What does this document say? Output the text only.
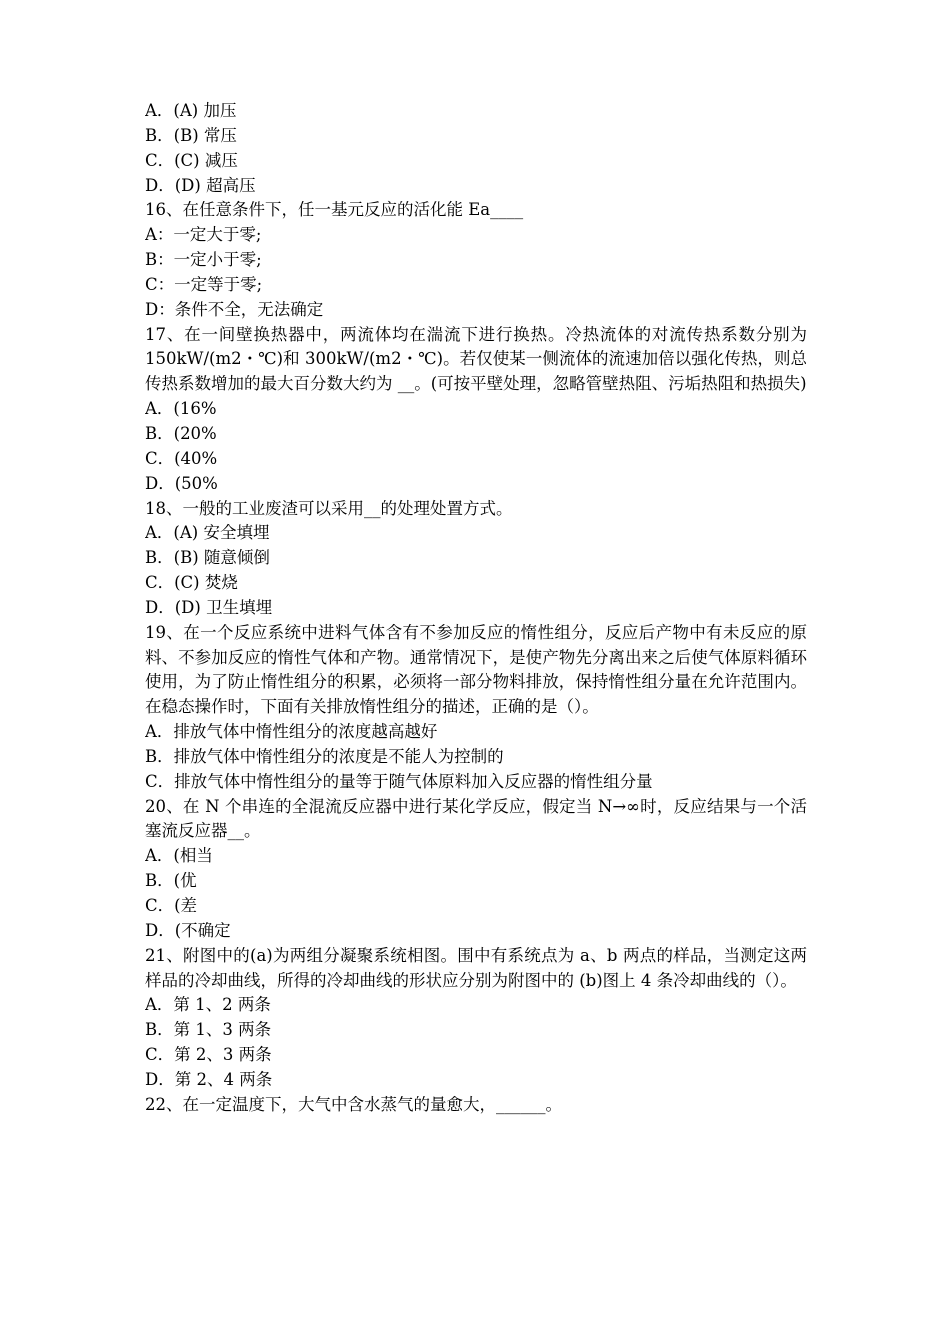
A．(A) 加压
B．(B) 常压
C．(C) 减压
D．(D) 超高压
16、在任意条件下，任一基元反应的活化能 Ea____
A：一定大于零;
B：一定小于零;
C：一定等于零;
D：条件不全，无法确定
17、在一间壁换热器中，两流体均在湍流下进行换热。冷热流体的对流传热系数分别为 150kW/(m2・℃)和 300kW/(m2・℃)。若仅使某一侧流体的流速加倍以强化传热，则总传热系数增加的最大百分数大约为 __。(可按平壁处理，忽略管壁热阻、污垢热阻和热损失)
A．(16%
B．(20%
C．(40%
D．(50%
18、一般的工业废渣可以采用__的处理处置方式。
A．(A) 安全填埋
B．(B) 随意倾倒
C．(C) 焚烧
D．(D) 卫生填埋
19、在一个反应系统中进料气体含有不参加反应的惰性组分，反应后产物中有未反应的原料、不参加反应的惰性气体和产物。通常情况下，是使产物先分离出来之后使气体原料循环使用，为了防止惰性组分的积累，必须将一部分物料排放，保持惰性组分量在允许范围内。在稳态操作时，下面有关排放惰性组分的描述，正确的是（）。
A．排放气体中惰性组分的浓度越高越好
B．排放气体中惰性组分的浓度是不能人为控制的
C．排放气体中惰性组分的量等于随气体原料加入反应器的惰性组分量
20、在 N 个串连的全混流反应器中进行某化学反应，假定当 N→∞时，反应结果与一个活塞流反应器__。
A．(相当
B．(优
C．(差
D．(不确定
21、附图中的(a)为两组分凝聚系统相图。围中有系统点为 a、b 两点的样品，当测定这两样品的冷却曲线，所得的冷却曲线的形状应分别为附图中的 (b)图上 4 条冷却曲线的（）。
A．第 1、2 两条
B．第 1、3 两条
C．第 2、3 两条
D．第 2、4 两条
22、在一定温度下，大气中含水蒸气的量愈大，______。
